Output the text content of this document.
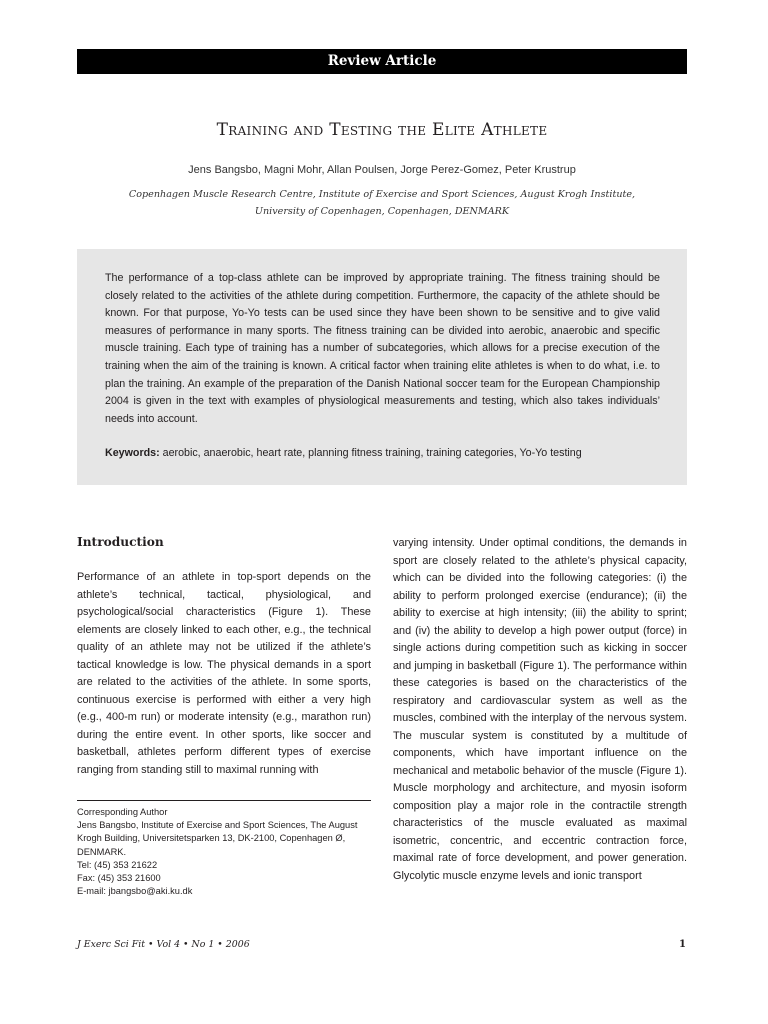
Review Article
Training and Testing the Elite Athlete
Jens Bangsbo, Magni Mohr, Allan Poulsen, Jorge Perez-Gomez, Peter Krustrup
Copenhagen Muscle Research Centre, Institute of Exercise and Sport Sciences, August Krogh Institute,
University of Copenhagen, Copenhagen, DENMARK

The performance of a top-class athlete can be improved by appropriate training. The fitness training should be closely related to the activities of the athlete during competition. Furthermore, the capacity of the athlete should be known. For that purpose, Yo-Yo tests can be used since they have been shown to be sensitive and to give valid measures of performance in many sports. The fitness training can be divided into aerobic, anaerobic and specific muscle training. Each type of training has a number of subcategories, which allows for a precise execution of the training when the aim of the training is known. A critical factor when training elite athletes is when to do what, i.e. to plan the training. An example of the preparation of the Danish National soccer team for the European Championship 2004 is given in the text with examples of physiological measurements and testing, which also takes individuals’ needs into account.

Keywords: aerobic, anaerobic, heart rate, planning fitness training, training categories, Yo-Yo testing
Introduction

Performance of an athlete in top-sport depends on the athlete’s technical, tactical, physiological, and psychological/social characteristics (Figure 1). These elements are closely linked to each other, e.g., the technical quality of an athlete may not be utilized if the athlete’s tactical knowledge is low. The physical demands in a sport are related to the activities of the athlete. In some sports, continuous exercise is performed with either a very high (e.g., 400-m run) or moderate intensity (e.g., marathon run) during the entire event. In other sports, like soccer and basketball, athletes perform different types of exercise ranging from standing still to maximal running with

Corresponding Author
Jens Bangsbo, Institute of Exercise and Sport Sciences, The August Krogh Building, Universitetsparken 13, DK-2100, Copenhagen Ø, DENMARK.
Tel: (45) 353 21622
Fax: (45) 353 21600
E-mail: jbangsbo@aki.ku.dk

varying intensity. Under optimal conditions, the demands in sport are closely related to the athlete’s physical capacity, which can be divided into the following categories: (i) the ability to perform prolonged exercise (endurance); (ii) the ability to exercise at high intensity; (iii) the ability to sprint; and (iv) the ability to develop a high power output (force) in single actions during competition such as kicking in soccer and jumping in basketball (Figure 1). The performance within these categories is based on the characteristics of the respiratory and cardiovascular system as well as the muscles, combined with the interplay of the nervous system. The muscular system is constituted by a multitude of components, which have important influence on the mechanical and metabolic behavior of the muscle (Figure 1). Muscle morphology and architecture, and myosin isoform composition play a major role in the contractile strength characteristics of the muscle evaluated as maximal isometric, concentric, and eccentric contraction force, maximal rate of force development, and power generation. Glycolytic muscle enzyme levels and ionic transport

J Exerc Sci Fit • Vol 4 • No 1 • 2006	1
